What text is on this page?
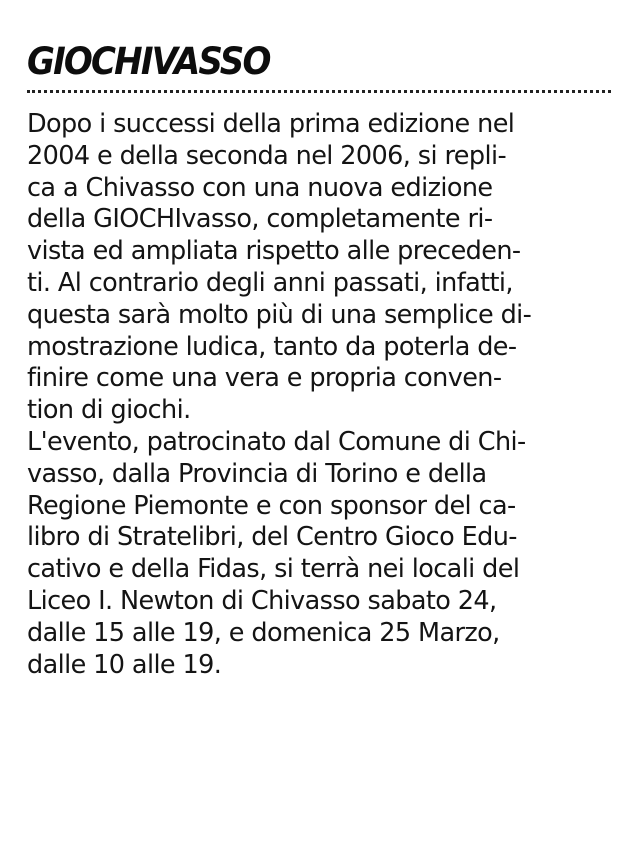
GIOCHIVASSO
Dopo i successi della prima edizione nel
2004 e della seconda nel 2006, si repli-
ca a Chivasso con una nuova edizione
della GIOCHIvasso, completamente ri-
vista ed ampliata rispetto alle preceden-
ti. Al contrario degli anni passati, infatti,
questa sarà molto più di una semplice di-
mostrazione ludica, tanto da poterla de-
finire come una vera e propria conven-
tion di giochi.
L'evento, patrocinato dal Comune di Chi-
vasso, dalla Provincia di Torino e della
Regione Piemonte e con sponsor del ca-
libro di Stratelibri, del Centro Gioco Edu-
cativo e della Fidas, si terrà nei locali del
Liceo I. Newton di Chivasso sabato 24,
dalle 15 alle 19, e domenica 25 Marzo,
dalle 10 alle 19.
